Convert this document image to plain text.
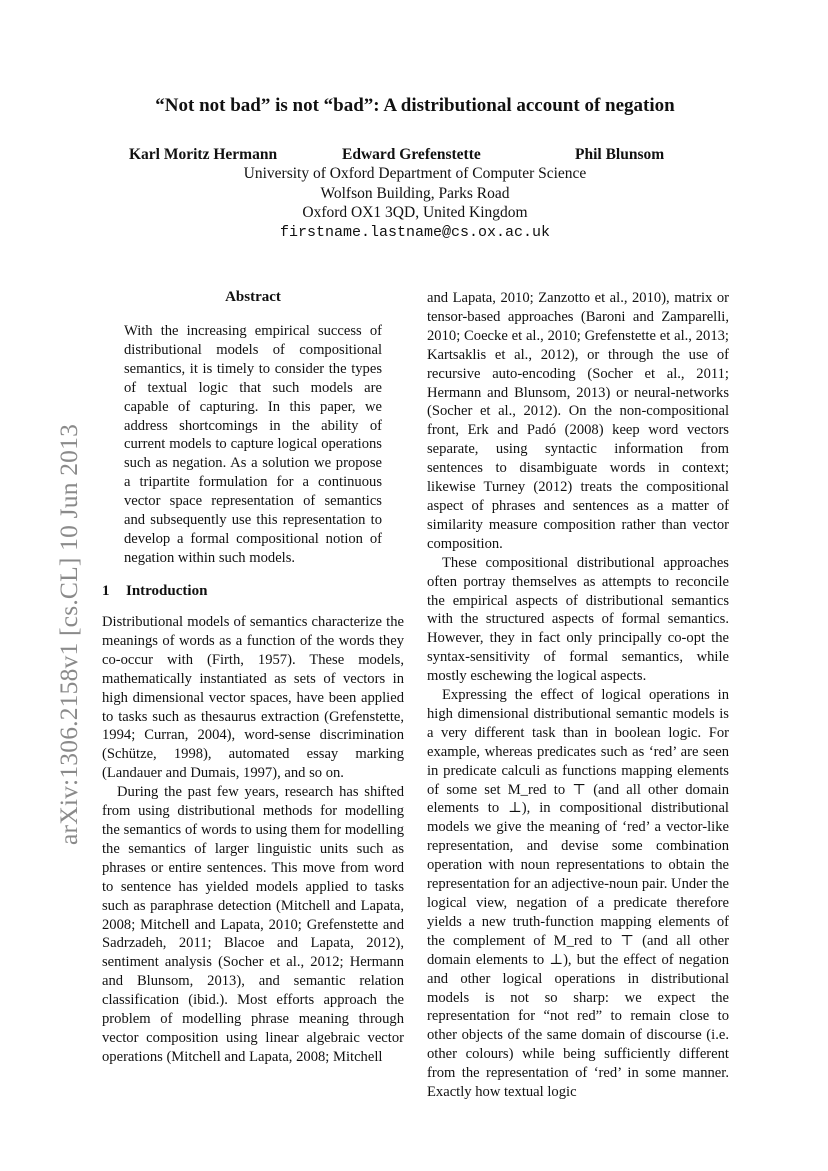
arXiv:1306.2158v1 [cs.CL] 10 Jun 2013
“Not not bad” is not “bad”: A distributional account of negation
Karl Moritz Hermann	Edward Grefenstette	Phil Blunsom
University of Oxford Department of Computer Science
Wolfson Building, Parks Road
Oxford OX1 3QD, United Kingdom
firstname.lastname@cs.ox.ac.uk
Abstract

With the increasing empirical success of distributional models of compositional semantics, it is timely to consider the types of textual logic that such models are capable of capturing. In this paper, we address shortcomings in the ability of current models to capture logical operations such as negation. As a solution we propose a tripartite formulation for a continuous vector space representation of semantics and subsequently use this representation to develop a formal compositional notion of negation within such models.

1 Introduction

Distributional models of semantics characterize the meanings of words as a function of the words they co-occur with (Firth, 1957). These models, mathematically instantiated as sets of vectors in high dimensional vector spaces, have been applied to tasks such as thesaurus extraction (Grefenstette, 1994; Curran, 2004), word-sense discrimination (Schütze, 1998), automated essay marking (Landauer and Dumais, 1997), and so on.

During the past few years, research has shifted from using distributional methods for modelling the semantics of words to using them for modelling the semantics of larger linguistic units such as phrases or entire sentences. This move from word to sentence has yielded models applied to tasks such as paraphrase detection (Mitchell and Lapata, 2008; Mitchell and Lapata, 2010; Grefenstette and Sadrzadeh, 2011; Blacoe and Lapata, 2012), sentiment analysis (Socher et al., 2012; Hermann and Blunsom, 2013), and semantic relation classification (ibid.). Most efforts approach the problem of modelling phrase meaning through vector composition using linear algebraic vector operations (Mitchell and Lapata, 2008; Mitchell

and Lapata, 2010; Zanzotto et al., 2010), matrix or tensor-based approaches (Baroni and Zamparelli, 2010; Coecke et al., 2010; Grefenstette et al., 2013; Kartsaklis et al., 2012), or through the use of recursive auto-encoding (Socher et al., 2011; Hermann and Blunsom, 2013) or neural-networks (Socher et al., 2012). On the non-compositional front, Erk and Padó (2008) keep word vectors separate, using syntactic information from sentences to disambiguate words in context; likewise Turney (2012) treats the compositional aspect of phrases and sentences as a matter of similarity measure composition rather than vector composition.

These compositional distributional approaches often portray themselves as attempts to reconcile the empirical aspects of distributional semantics with the structured aspects of formal semantics. However, they in fact only principally co-opt the syntax-sensitivity of formal semantics, while mostly eschewing the logical aspects.

Expressing the effect of logical operations in high dimensional distributional semantic models is a very different task than in boolean logic. For example, whereas predicates such as ‘red’ are seen in predicate calculi as functions mapping elements of some set M_red to ⊤ (and all other domain elements to ⊥), in compositional distributional models we give the meaning of ‘red’ a vector-like representation, and devise some combination operation with noun representations to obtain the representation for an adjective-noun pair. Under the logical view, negation of a predicate therefore yields a new truth-function mapping elements of the complement of M_red to ⊤ (and all other domain elements to ⊥), but the effect of negation and other logical operations in distributional models is not so sharp: we expect the representation for “not red” to remain close to other objects of the same domain of discourse (i.e. other colours) while being sufficiently different from the representation of ‘red’ in some manner. Exactly how textual logic
